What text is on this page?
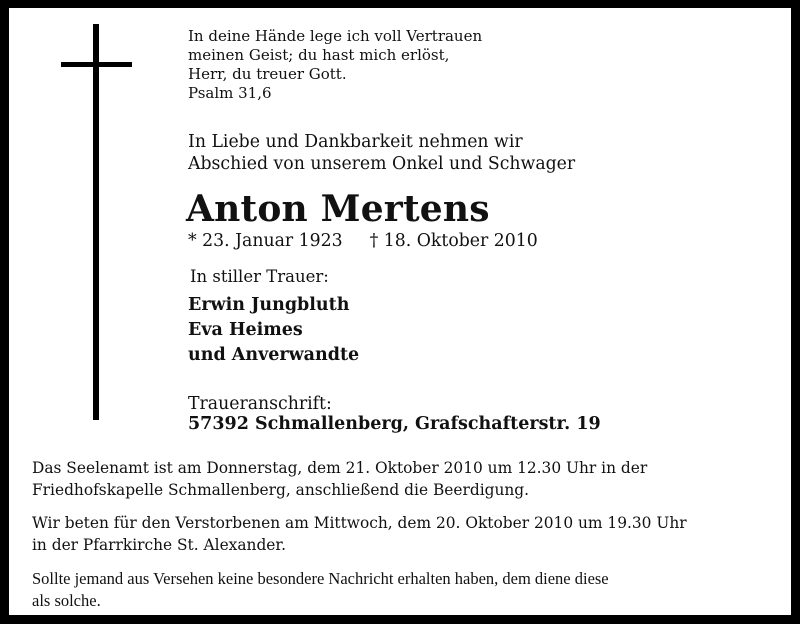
In deine Hände lege ich voll Vertrauen
meinen Geist; du hast mich erlöst,
Herr, du treuer Gott.
Psalm 31,6
In Liebe und Dankbarkeit nehmen wir
Abschied von unserem Onkel und Schwager
Anton Mertens
* 23. Januar 1923 † 18. Oktober 2010
In stiller Trauer:
Erwin Jungbluth
Eva Heimes
und Anverwandte
Traueranschrift:
57392 Schmallenberg, Grafschafterstr. 19
Das Seelenamt ist am Donnerstag, dem 21. Oktober 2010 um 12.30 Uhr in der
Friedhofskapelle Schmallenberg, anschließend die Beerdigung.
Wir beten für den Verstorbenen am Mittwoch, dem 20. Oktober 2010 um 19.30 Uhr
in der Pfarrkirche St. Alexander.
Sollte jemand aus Versehen keine besondere Nachricht erhalten haben, dem diene diese
als solche.
